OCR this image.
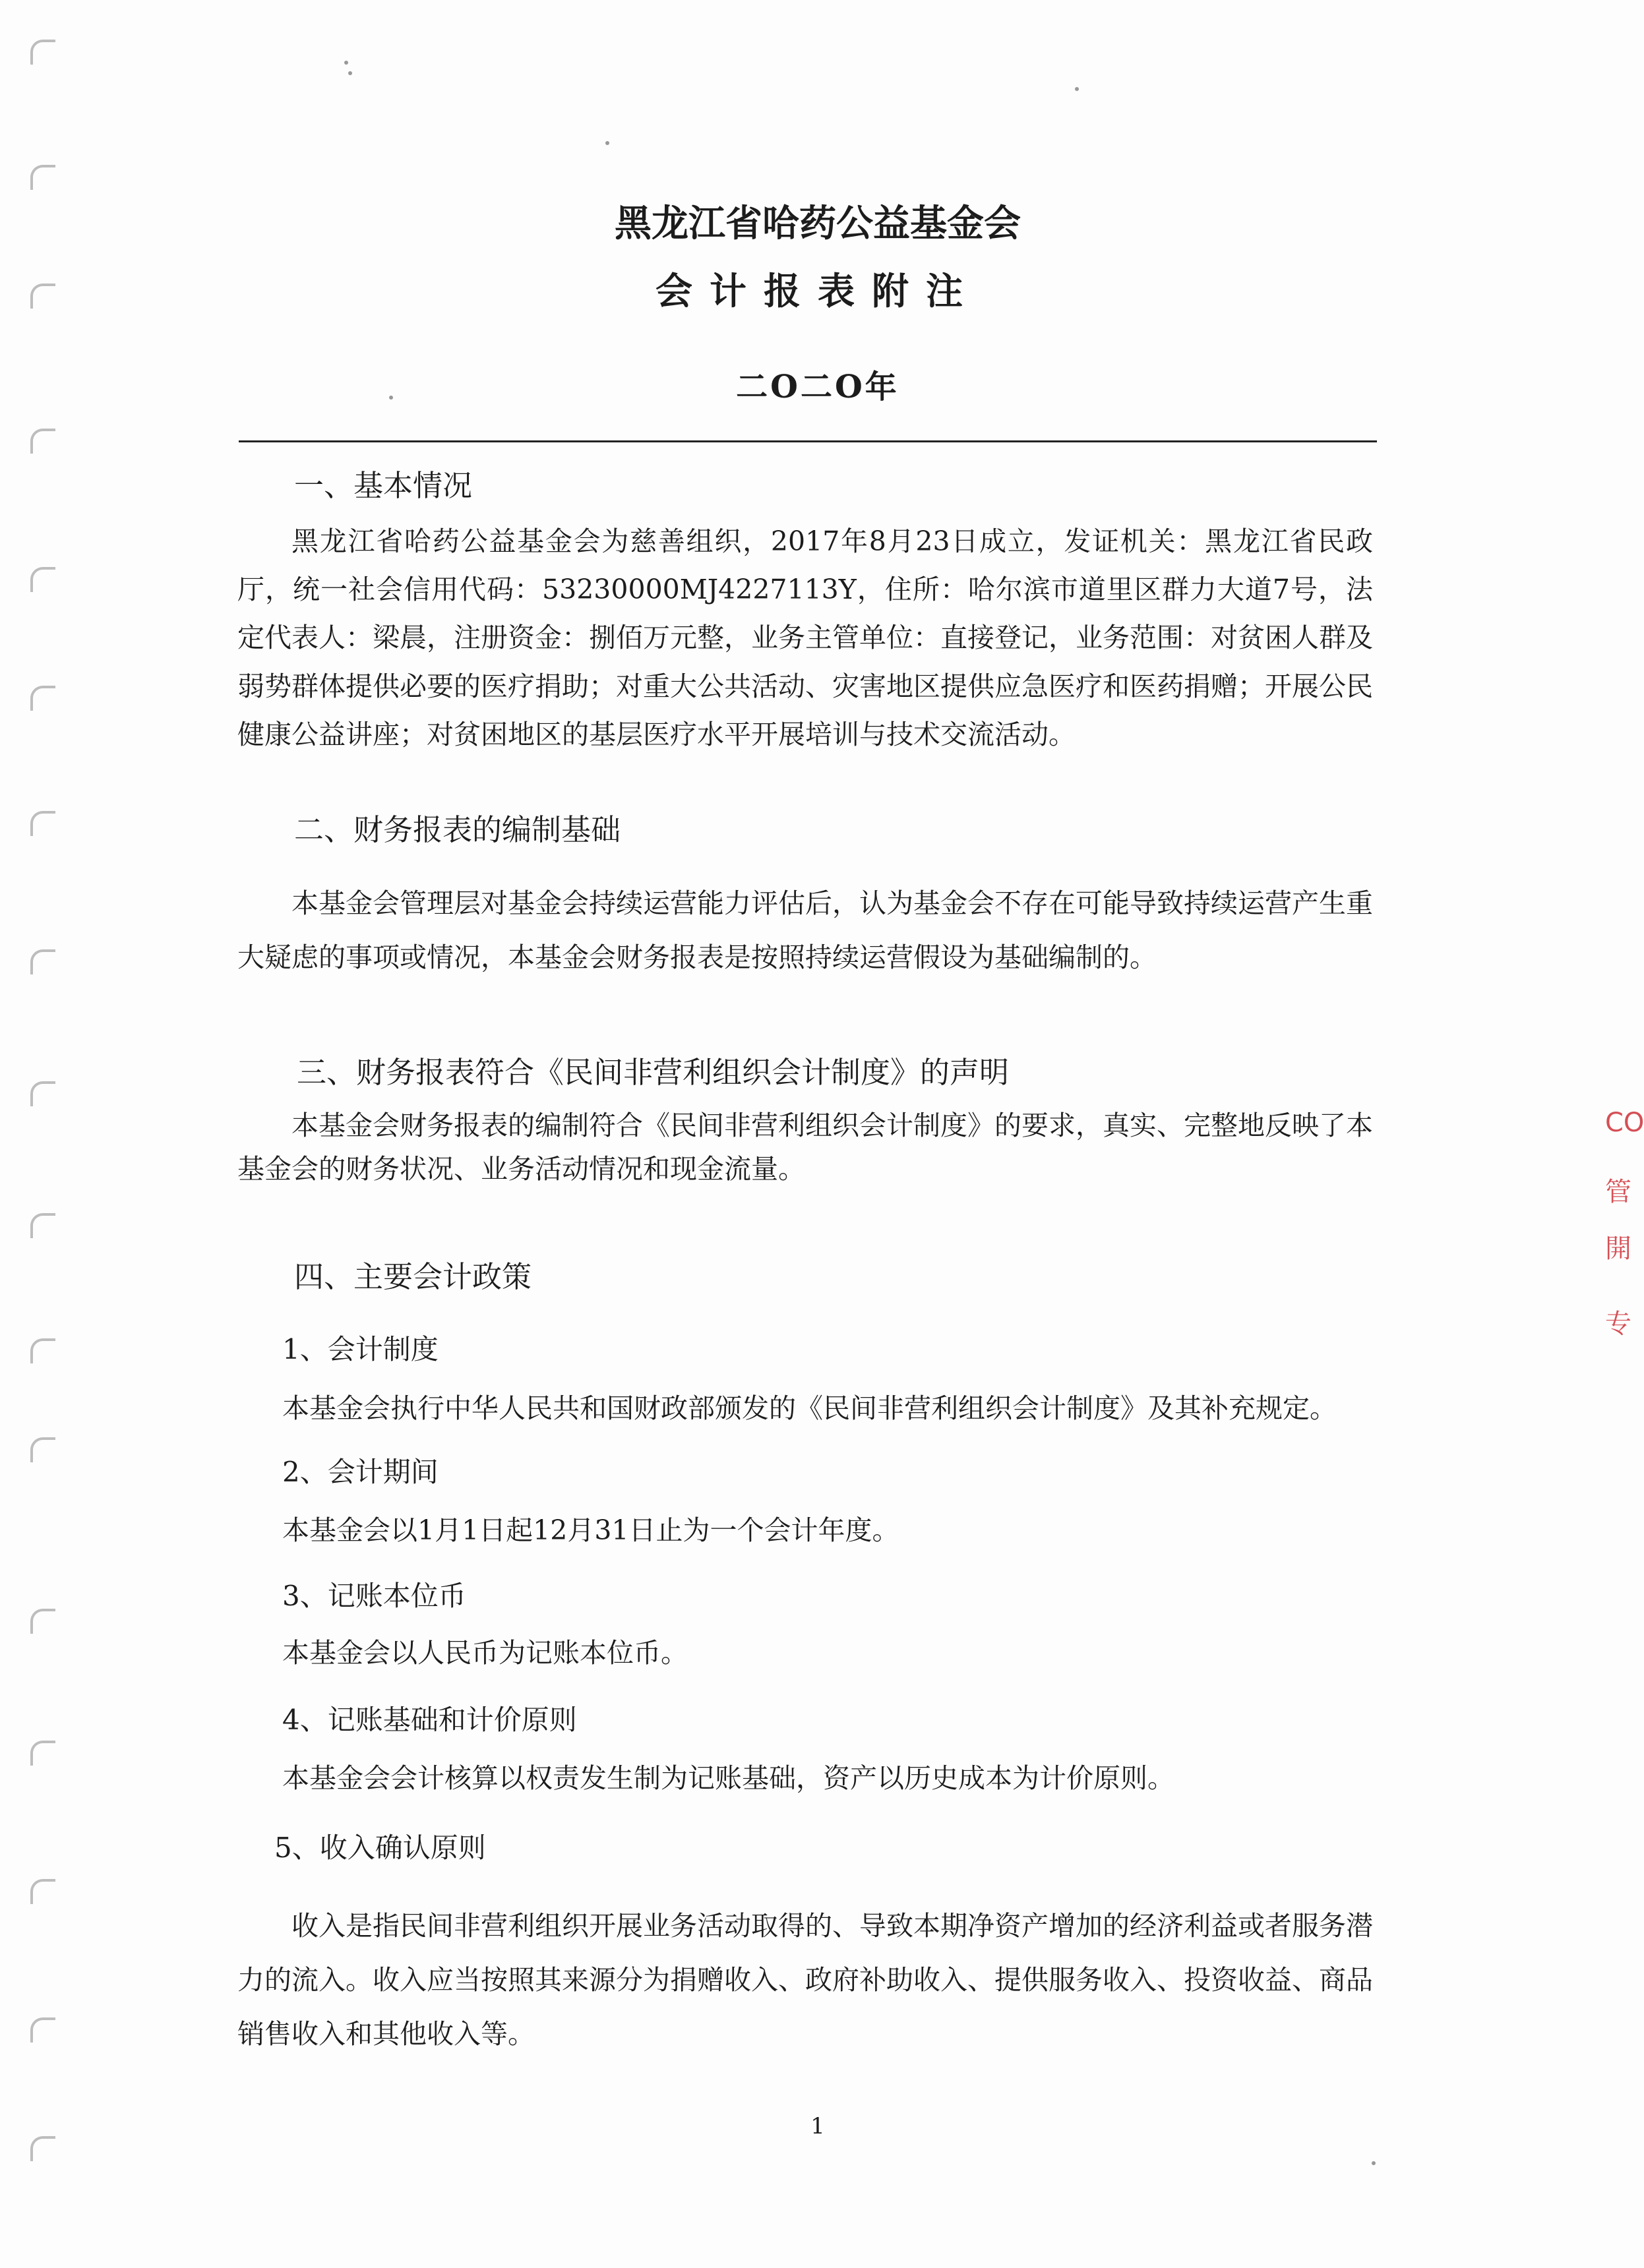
黑龙江省哈药公益基金会
会计报表附注
二O二O年
一、基本情况
黑龙江省哈药公益基金会为慈善组织，2017年8月23日成立，发证机关：黑龙江省民政厅，统一社会信用代码：53230000MJ4227113Y，住所：哈尔滨市道里区群力大道7号，法定代表人：梁晨，注册资金：捌佰万元整，业务主管单位：直接登记，业务范围：对贫困人群及弱势群体提供必要的医疗捐助；对重大公共活动、灾害地区提供应急医疗和医药捐赠；开展公民健康公益讲座；对贫困地区的基层医疗水平开展培训与技术交流活动。
二、财务报表的编制基础
本基金会管理层对基金会持续运营能力评估后，认为基金会不存在可能导致持续运营产生重大疑虑的事项或情况，本基金会财务报表是按照持续运营假设为基础编制的。
三、财务报表符合《民间非营利组织会计制度》的声明
本基金会财务报表的编制符合《民间非营利组织会计制度》的要求，真实、完整地反映了本基金会的财务状况、业务活动情况和现金流量。
四、主要会计政策
1、会计制度
本基金会执行中华人民共和国财政部颁发的《民间非营利组织会计制度》及其补充规定。
2、会计期间
本基金会以1月1日起12月31日止为一个会计年度。
3、记账本位币
本基金会以人民币为记账本位币。
4、记账基础和计价原则
本基金会会计核算以权责发生制为记账基础，资产以历史成本为计价原则。
5、收入确认原则
收入是指民间非营利组织开展业务活动取得的、导致本期净资产增加的经济利益或者服务潜力的流入。收入应当按照其来源分为捐赠收入、政府补助收入、提供服务收入、投资收益、商品销售收入和其他收入等。
1
CO
管
開
专
